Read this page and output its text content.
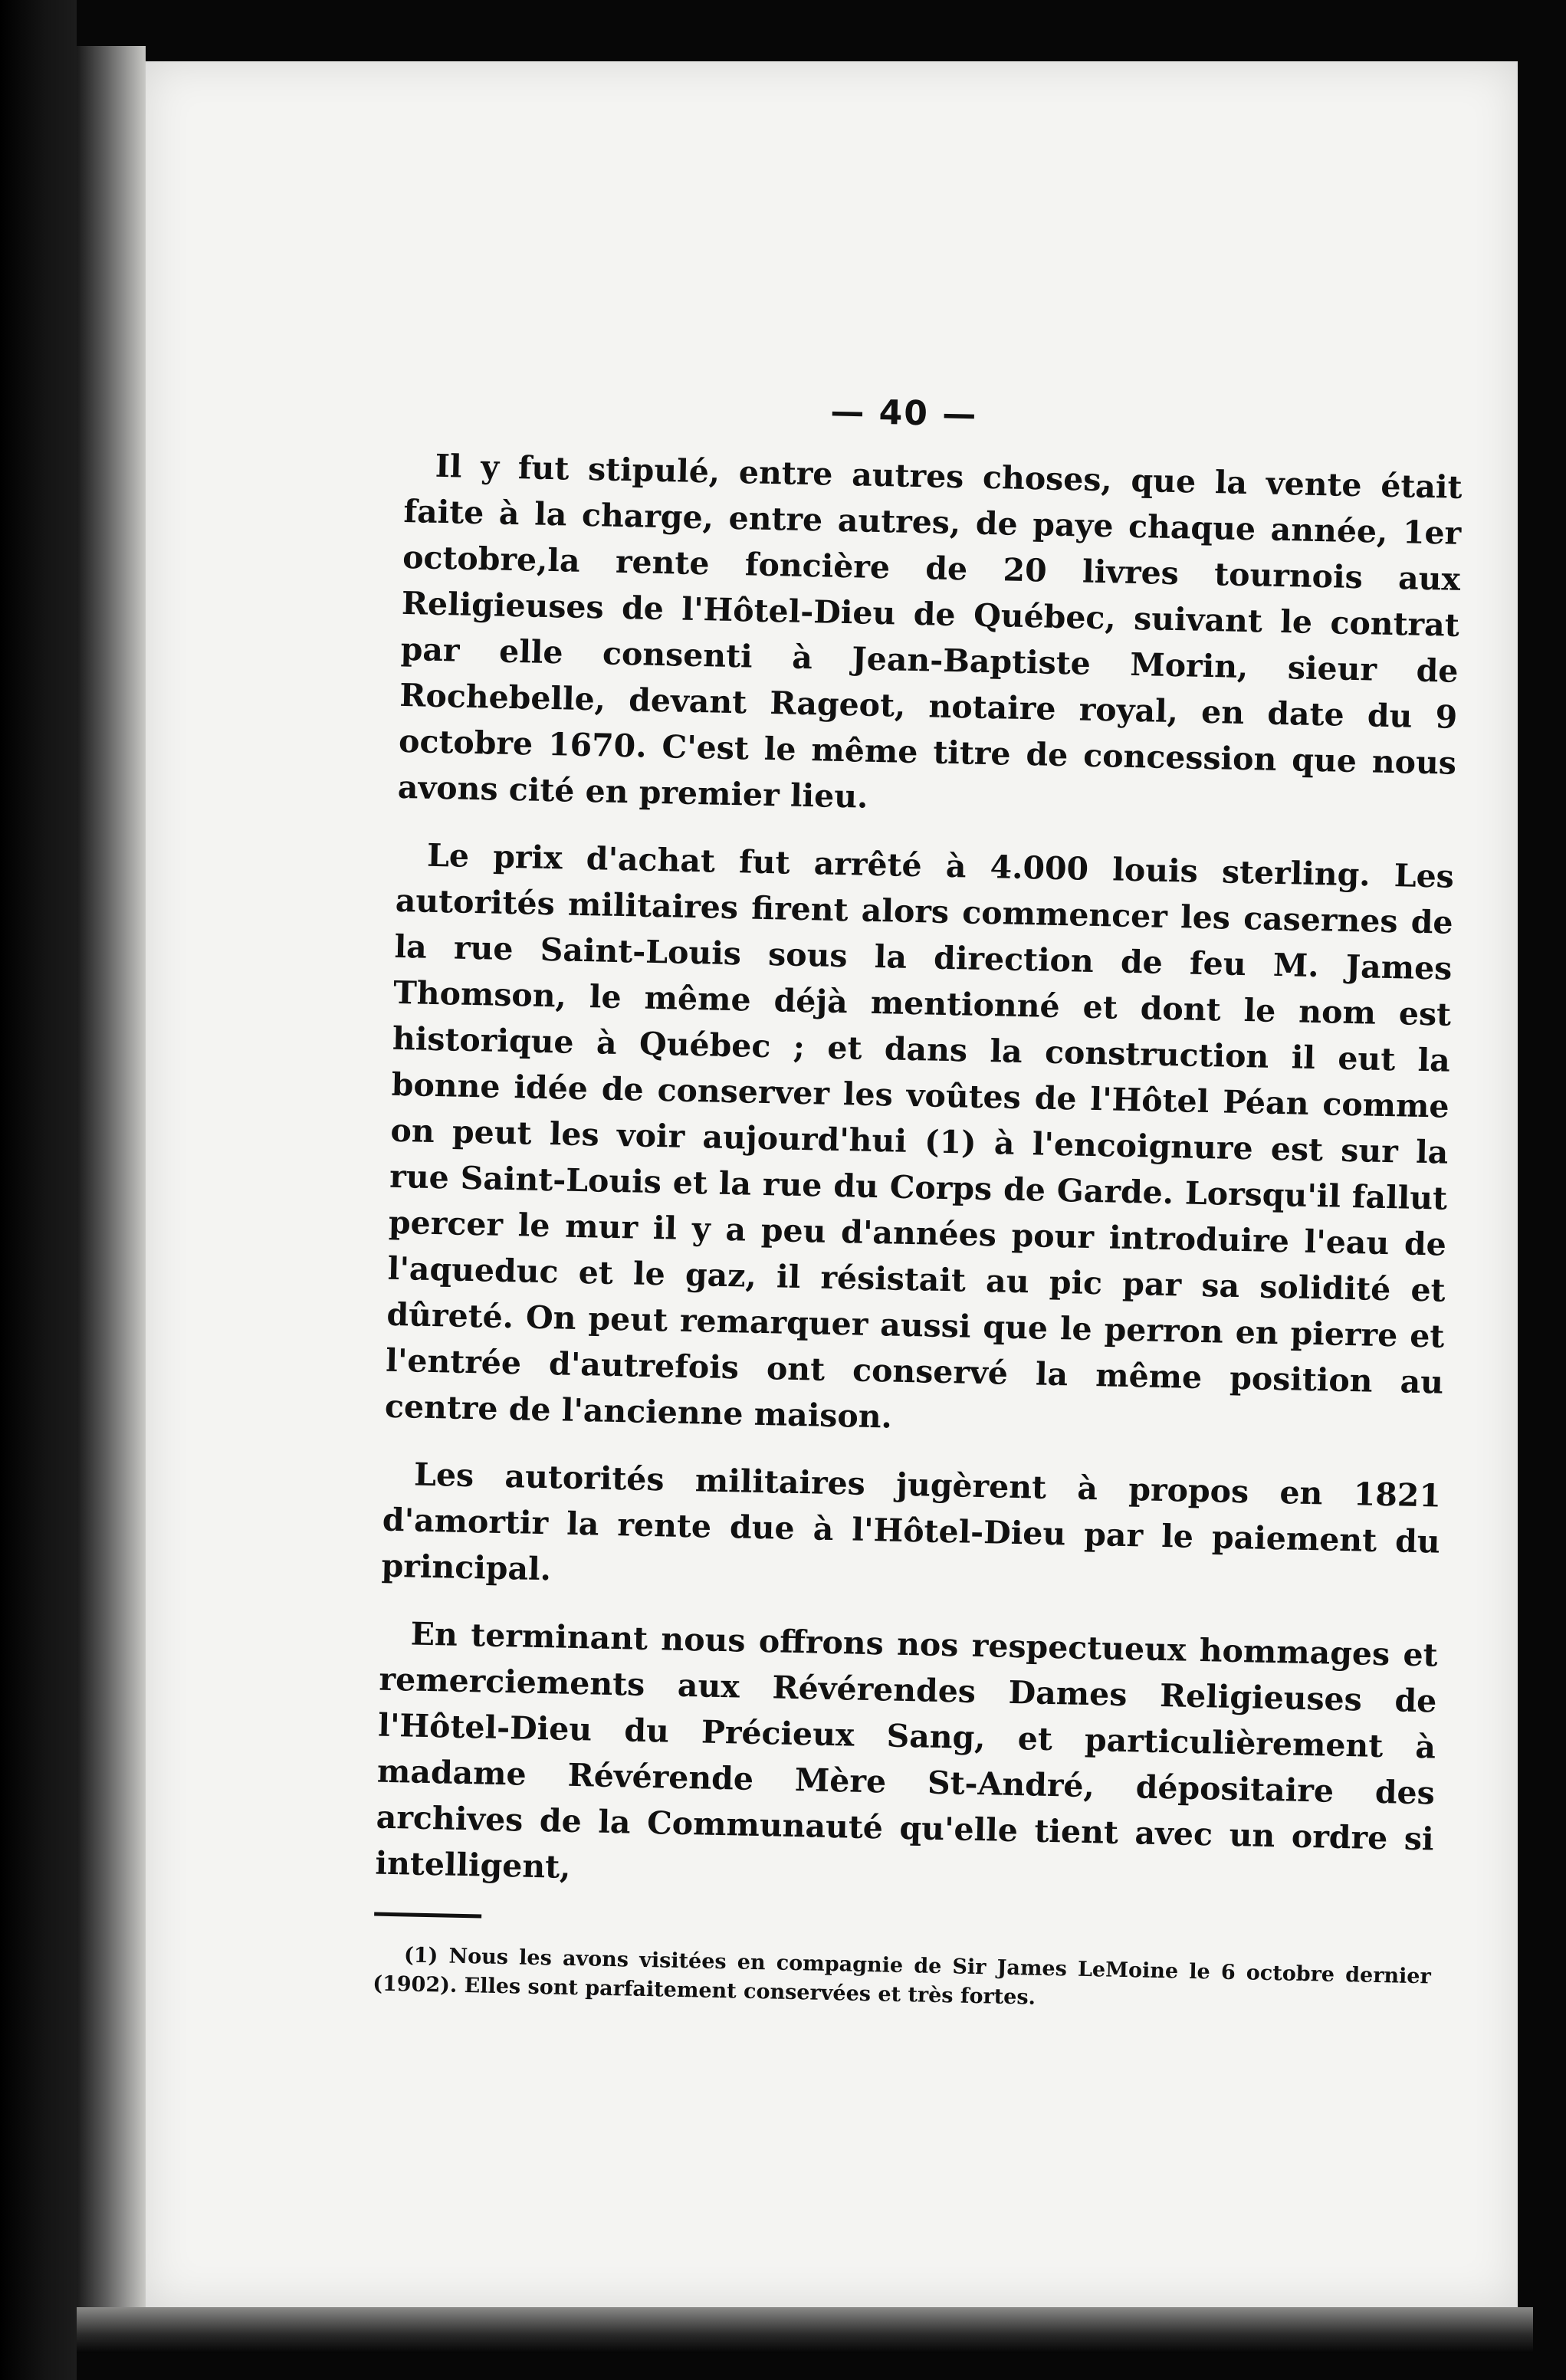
— 40 —

Il y fut stipulé, entre autres choses, que la vente était faite à la charge, entre autres, de paye chaque année, 1er octobre,la rente foncière de 20 livres tournois aux Religieuses de l'Hôtel-Dieu de Québec, suivant le contrat par elle consenti à Jean-Baptiste Morin, sieur de Rochebelle, devant Rageot, notaire royal, en date du 9 octobre 1670. C'est le même titre de concession que nous avons cité en premier lieu.

Le prix d'achat fut arrêté à 4.000 louis sterling. Les autorités militaires firent alors commencer les casernes de la rue Saint-Louis sous la direction de feu M. James Thomson, le même déjà mentionné et dont le nom est historique à Québec ; et dans la construction il eut la bonne idée de conserver les voûtes de l'Hôtel Péan comme on peut les voir aujourd'hui (1) à l'encoignure est sur la rue Saint-Louis et la rue du Corps de Garde. Lorsqu'il fallut percer le mur il y a peu d'années pour introduire l'eau de l'aqueduc et le gaz, il résistait au pic par sa solidité et dûreté. On peut remarquer aussi que le perron en pierre et l'entrée d'autrefois ont conservé la même position au centre de l'ancienne maison.

Les autorités militaires jugèrent à propos en 1821 d'amortir la rente due à l'Hôtel-Dieu par le paiement du principal.

En terminant nous offrons nos respectueux hommages et remerciements aux Révérendes Dames Religieuses de l'Hôtel-Dieu du Précieux Sang, et particulièrement à madame Révérende Mère St-André, dépositaire des archives de la Communauté qu'elle tient avec un ordre si intelligent,

(1) Nous les avons visitées en compagnie de Sir James LeMoine le 6 octobre dernier (1902). Elles sont parfaitement conservées et très fortes.
